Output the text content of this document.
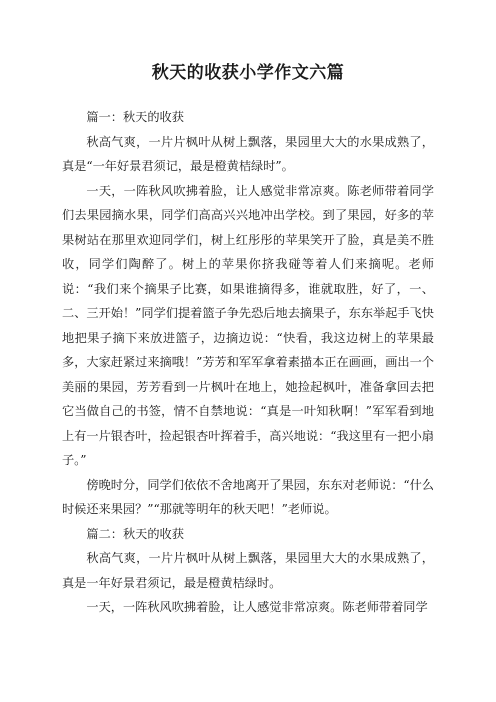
秋天的收获小学作文六篇

篇一：秋天的收获

秋高气爽，一片片枫叶从树上飘落，果园里大大的水果成熟了，真是“一年好景君须记，最是橙黄桔绿时”。

一天，一阵秋风吹拂着脸，让人感觉非常凉爽。陈老师带着同学们去果园摘水果，同学们高高兴兴地冲出学校。到了果园，好多的苹果树站在那里欢迎同学们，树上红彤彤的苹果笑开了脸，真是美不胜收，同学们陶醉了。树上的苹果你挤我碰等着人们来摘呢。老师说：“我们来个摘果子比赛，如果谁摘得多，谁就取胜，好了，一、二、三开始！”同学们提着篮子争先恐后地去摘果子，东东举起手飞快地把果子摘下来放进篮子，边摘边说：“快看，我这边树上的苹果最多，大家赶紧过来摘哦！”芳芳和军军拿着素描本正在画画，画出一个美丽的果园，芳芳看到一片枫叶在地上，她捡起枫叶，准备拿回去把它当做自己的书签，情不自禁地说：“真是一叶知秋啊！”军军看到地上有一片银杏叶，捡起银杏叶挥着手，高兴地说：“我这里有一把小扇子。”

傍晚时分，同学们依依不舍地离开了果园，东东对老师说：“什么时候还来果园？”“那就等明年的秋天吧！”老师说。

篇二：秋天的收获

秋高气爽，一片片枫叶从树上飘落，果园里大大的水果成熟了，真是一年好景君须记，最是橙黄桔绿时。

一天，一阵秋风吹拂着脸，让人感觉非常凉爽。陈老师带着同学
